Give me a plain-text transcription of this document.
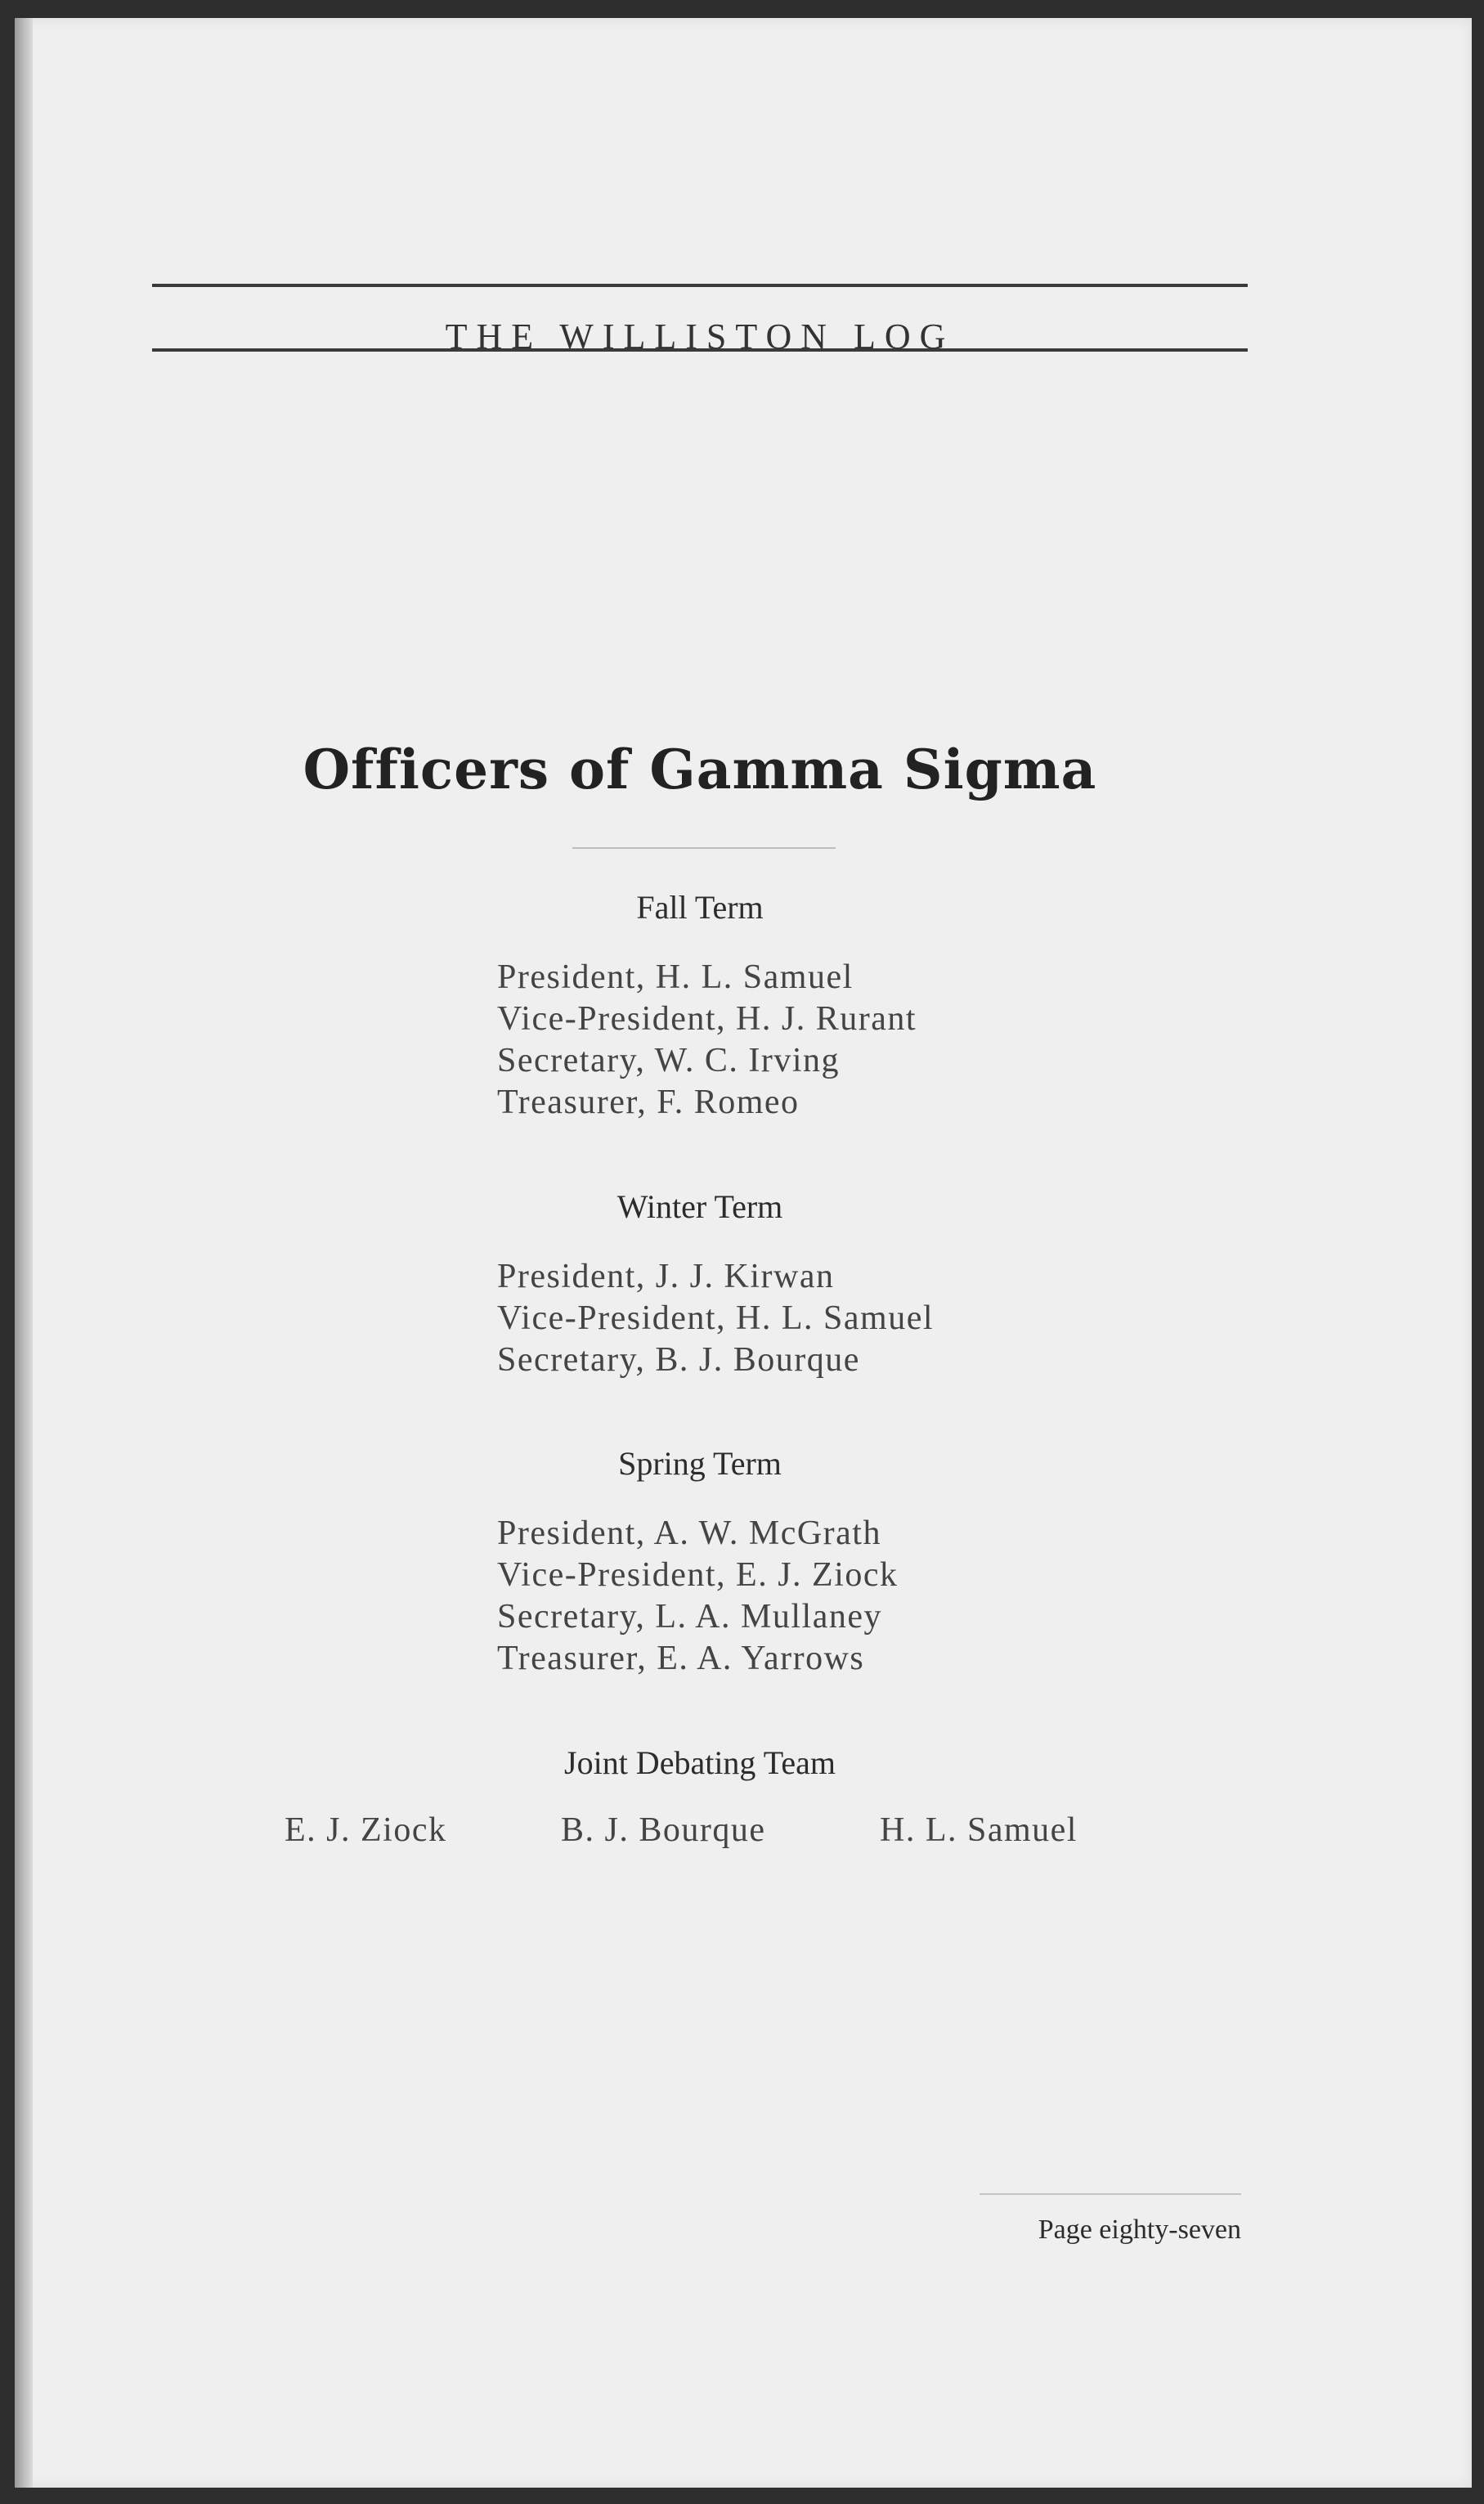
THE WILLISTON LOG
Officers of Gamma Sigma
Fall Term
President, H. L. Samuel
Vice-President, H. J. Rurant
Secretary, W. C. Irving
Treasurer, F. Romeo
Winter Term
President, J. J. Kirwan
Vice-President, H. L. Samuel
Secretary, B. J. Bourque
Spring Term
President, A. W. McGrath
Vice-President, E. J. Ziock
Secretary, L. A. Mullaney
Treasurer, E. A. Yarrows
Joint Debating Team
E. J. Ziock	B. J. Bourque	H. L. Samuel
Page eighty-seven
